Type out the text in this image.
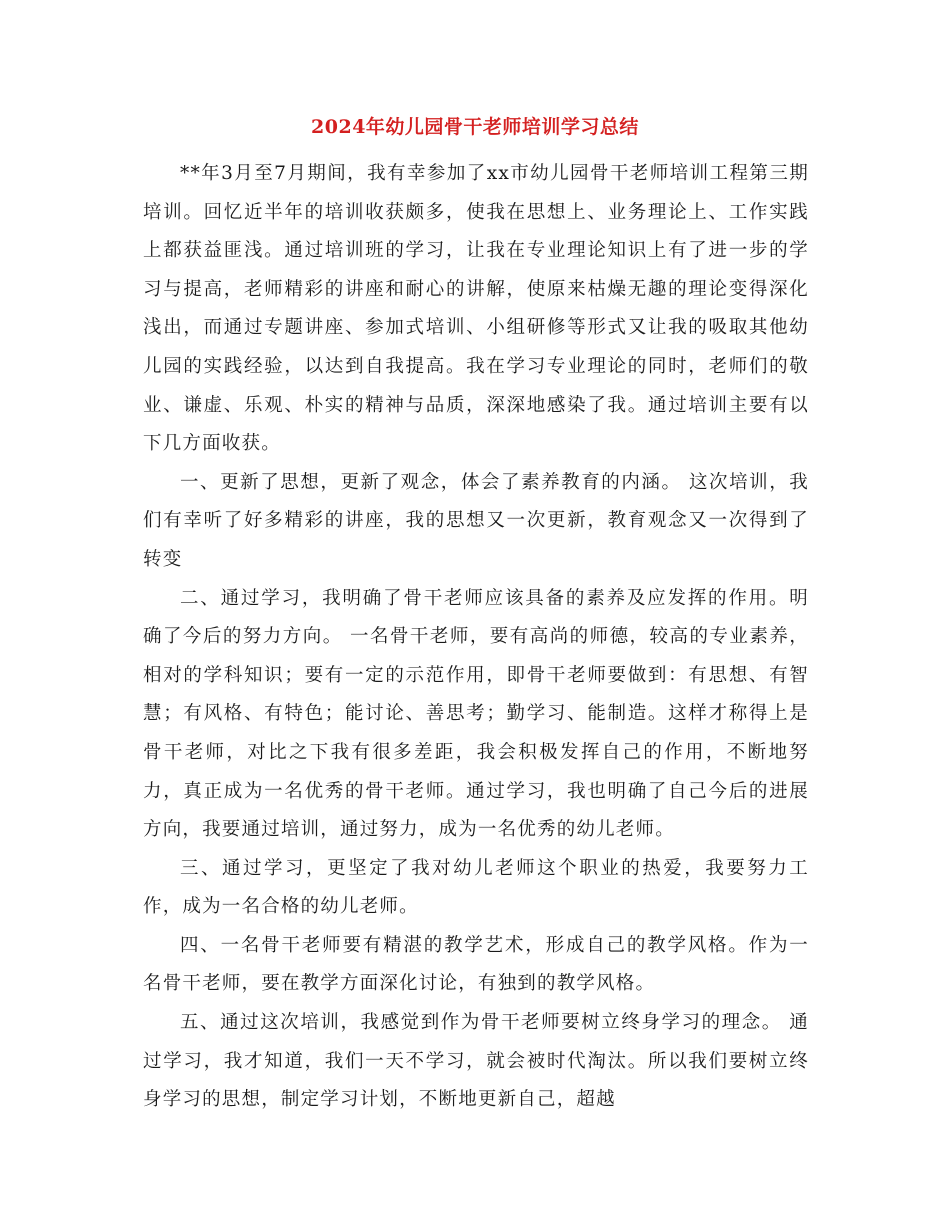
2024年幼儿园骨干老师培训学习总结

**年3月至7月期间，我有幸参加了xx市幼儿园骨干老师培训工程第三期培训。回忆近半年的培训收获颇多，使我在思想上、业务理论上、工作实践上都获益匪浅。通过培训班的学习，让我在专业理论知识上有了进一步的学习与提高，老师精彩的讲座和耐心的讲解，使原来枯燥无趣的理论变得深化浅出，而通过专题讲座、参加式培训、小组研修等形式又让我的吸取其他幼儿园的实践经验，以达到自我提高。我在学习专业理论的同时，老师们的敬业、谦虚、乐观、朴实的精神与品质，深深地感染了我。通过培训主要有以下几方面收获。

一、更新了思想，更新了观念，体会了素养教育的内涵。 这次培训，我们有幸听了好多精彩的讲座，我的思想又一次更新，教育观念又一次得到了转变

二、通过学习，我明确了骨干老师应该具备的素养及应发挥的作用。明确了今后的努力方向。 一名骨干老师，要有高尚的师德，较高的专业素养，相对的学科知识；要有一定的示范作用，即骨干老师要做到：有思想、有智慧；有风格、有特色；能讨论、善思考；勤学习、能制造。这样才称得上是骨干老师，对比之下我有很多差距，我会积极发挥自己的作用，不断地努力，真正成为一名优秀的骨干老师。通过学习，我也明确了自己今后的进展方向，我要通过培训，通过努力，成为一名优秀的幼儿老师。

三、通过学习，更坚定了我对幼儿老师这个职业的热爱，我要努力工作，成为一名合格的幼儿老师。

四、一名骨干老师要有精湛的教学艺术，形成自己的教学风格。作为一名骨干老师，要在教学方面深化讨论，有独到的教学风格。

五、通过这次培训，我感觉到作为骨干老师要树立终身学习的理念。 通过学习，我才知道，我们一天不学习，就会被时代淘汰。所以我们要树立终身学习的思想，制定学习计划，不断地更新自己，超越
